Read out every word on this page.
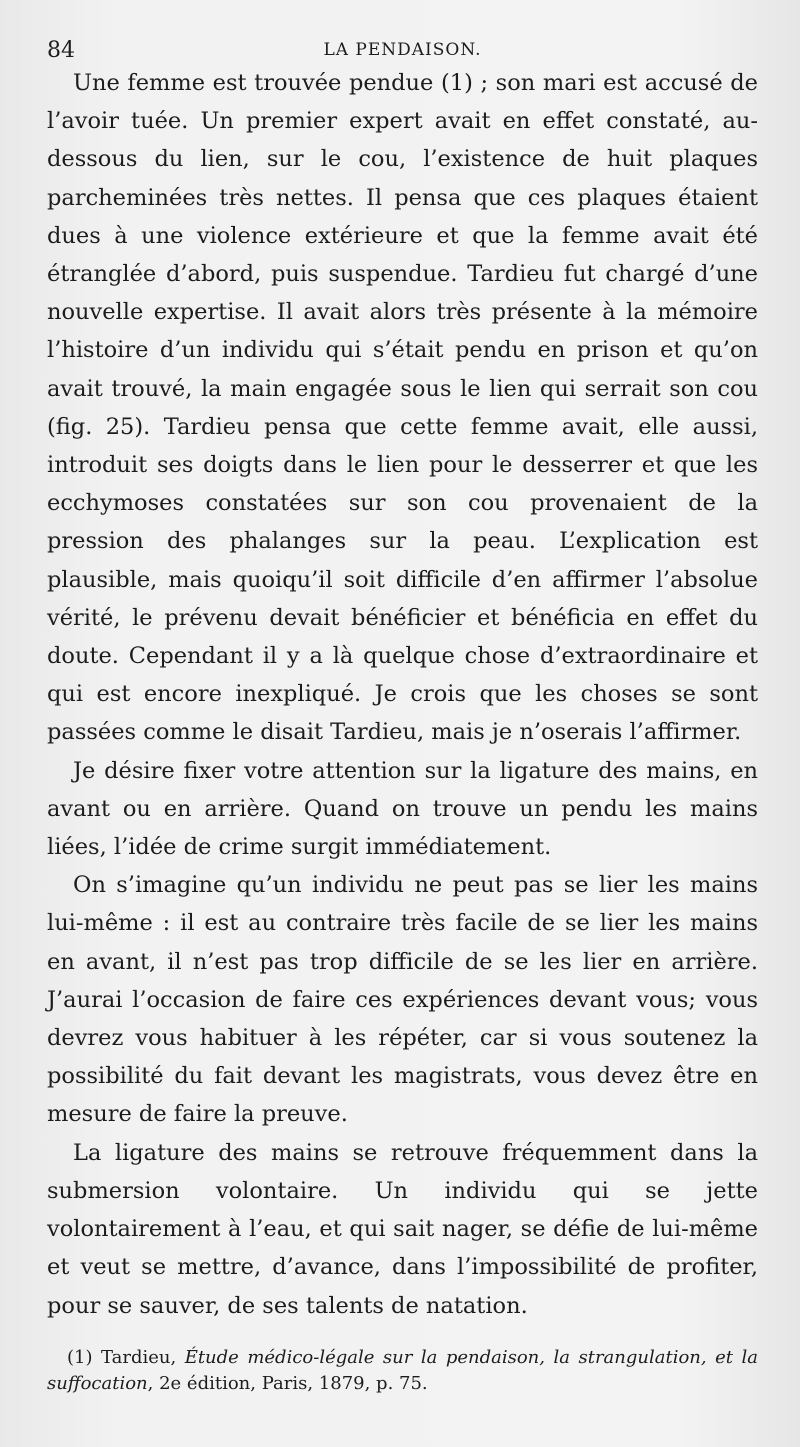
84	LA PENDAISON.

Une femme est trouvée pendue (1) ; son mari est accusé de l’avoir tuée. Un premier expert avait en effet constaté, au-dessous du lien, sur le cou, l’existence de huit plaques parcheminées très nettes. Il pensa que ces plaques étaient dues à une violence extérieure et que la femme avait été étranglée d’abord, puis suspendue. Tardieu fut chargé d’une nouvelle expertise. Il avait alors très présente à la mémoire l’histoire d’un individu qui s’était pendu en prison et qu’on avait trouvé, la main engagée sous le lien qui serrait son cou (fig. 25). Tardieu pensa que cette femme avait, elle aussi, introduit ses doigts dans le lien pour le desserrer et que les ecchymoses constatées sur son cou provenaient de la pression des phalanges sur la peau. L’explication est plausible, mais quoiqu’il soit difficile d’en affirmer l’absolue vérité, le prévenu devait bénéficier et bénéficia en effet du doute. Cependant il y a là quelque chose d’extraordinaire et qui est encore inexpliqué. Je crois que les choses se sont passées comme le disait Tardieu, mais je n’oserais l’affirmer.

Je désire fixer votre attention sur la ligature des mains, en avant ou en arrière. Quand on trouve un pendu les mains liées, l’idée de crime surgit immédiatement.

On s’imagine qu’un individu ne peut pas se lier les mains lui-même : il est au contraire très facile de se lier les mains en avant, il n’est pas trop difficile de se les lier en arrière. J’aurai l’occasion de faire ces expériences devant vous; vous devrez vous habituer à les répéter, car si vous soutenez la possibilité du fait devant les magistrats, vous devez être en mesure de faire la preuve.

La ligature des mains se retrouve fréquemment dans la submersion volontaire. Un individu qui se jette volontairement à l’eau, et qui sait nager, se défie de lui-même et veut se mettre, d’avance, dans l’impossibilité de profiter, pour se sauver, de ses talents de natation.

(1) Tardieu, Étude médico-légale sur la pendaison, la strangulation, et la suffocation, 2e édition, Paris, 1879, p. 75.
